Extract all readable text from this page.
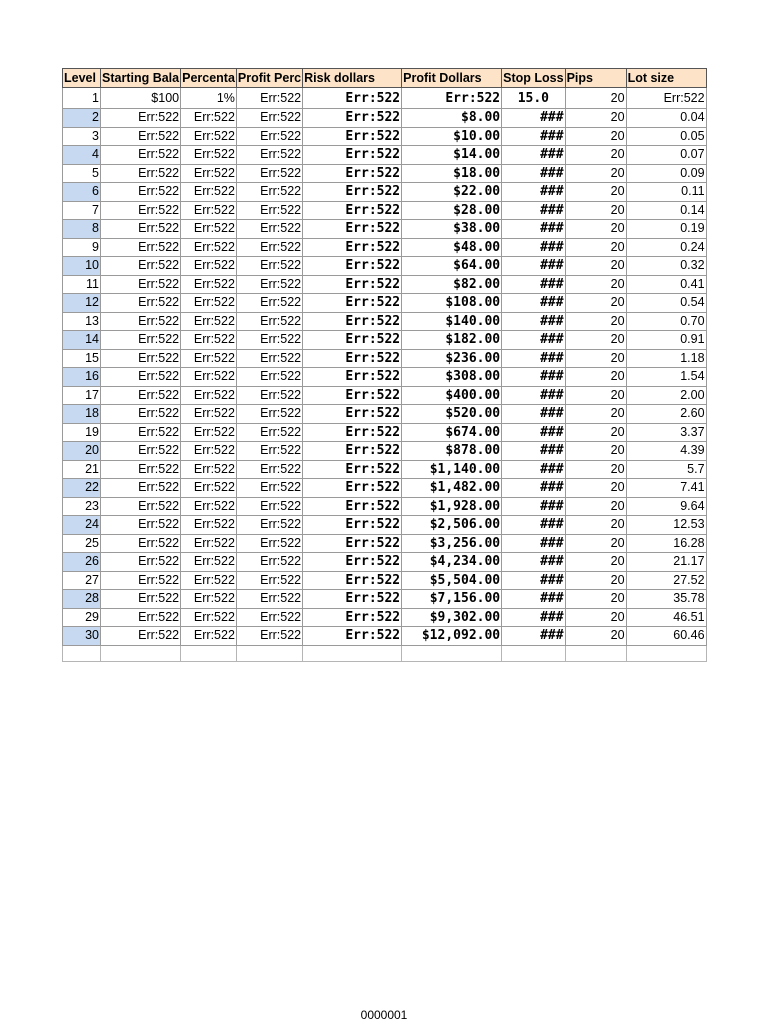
Level	Starting Bala	Percenta	Profit Perc	Risk dollars	Profit Dollars	Stop Loss	Pips	Lot size
1	$100	1%	Err:522	Err:522	Err:522	15.0	20	Err:522
2	Err:522	Err:522	Err:522	Err:522	$8.00	###	20	0.04
3	Err:522	Err:522	Err:522	Err:522	$10.00	###	20	0.05
4	Err:522	Err:522	Err:522	Err:522	$14.00	###	20	0.07
5	Err:522	Err:522	Err:522	Err:522	$18.00	###	20	0.09
6	Err:522	Err:522	Err:522	Err:522	$22.00	###	20	0.11
7	Err:522	Err:522	Err:522	Err:522	$28.00	###	20	0.14
8	Err:522	Err:522	Err:522	Err:522	$38.00	###	20	0.19
9	Err:522	Err:522	Err:522	Err:522	$48.00	###	20	0.24
10	Err:522	Err:522	Err:522	Err:522	$64.00	###	20	0.32
11	Err:522	Err:522	Err:522	Err:522	$82.00	###	20	0.41
12	Err:522	Err:522	Err:522	Err:522	$108.00	###	20	0.54
13	Err:522	Err:522	Err:522	Err:522	$140.00	###	20	0.70
14	Err:522	Err:522	Err:522	Err:522	$182.00	###	20	0.91
15	Err:522	Err:522	Err:522	Err:522	$236.00	###	20	1.18
16	Err:522	Err:522	Err:522	Err:522	$308.00	###	20	1.54
17	Err:522	Err:522	Err:522	Err:522	$400.00	###	20	2.00
18	Err:522	Err:522	Err:522	Err:522	$520.00	###	20	2.60
19	Err:522	Err:522	Err:522	Err:522	$674.00	###	20	3.37
20	Err:522	Err:522	Err:522	Err:522	$878.00	###	20	4.39
21	Err:522	Err:522	Err:522	Err:522	$1,140.00	###	20	5.7
22	Err:522	Err:522	Err:522	Err:522	$1,482.00	###	20	7.41
23	Err:522	Err:522	Err:522	Err:522	$1,928.00	###	20	9.64
24	Err:522	Err:522	Err:522	Err:522	$2,506.00	###	20	12.53
25	Err:522	Err:522	Err:522	Err:522	$3,256.00	###	20	16.28
26	Err:522	Err:522	Err:522	Err:522	$4,234.00	###	20	21.17
27	Err:522	Err:522	Err:522	Err:522	$5,504.00	###	20	27.52
28	Err:522	Err:522	Err:522	Err:522	$7,156.00	###	20	35.78
29	Err:522	Err:522	Err:522	Err:522	$9,302.00	###	20	46.51
30	Err:522	Err:522	Err:522	Err:522	$12,092.00	###	20	60.46

0000001
